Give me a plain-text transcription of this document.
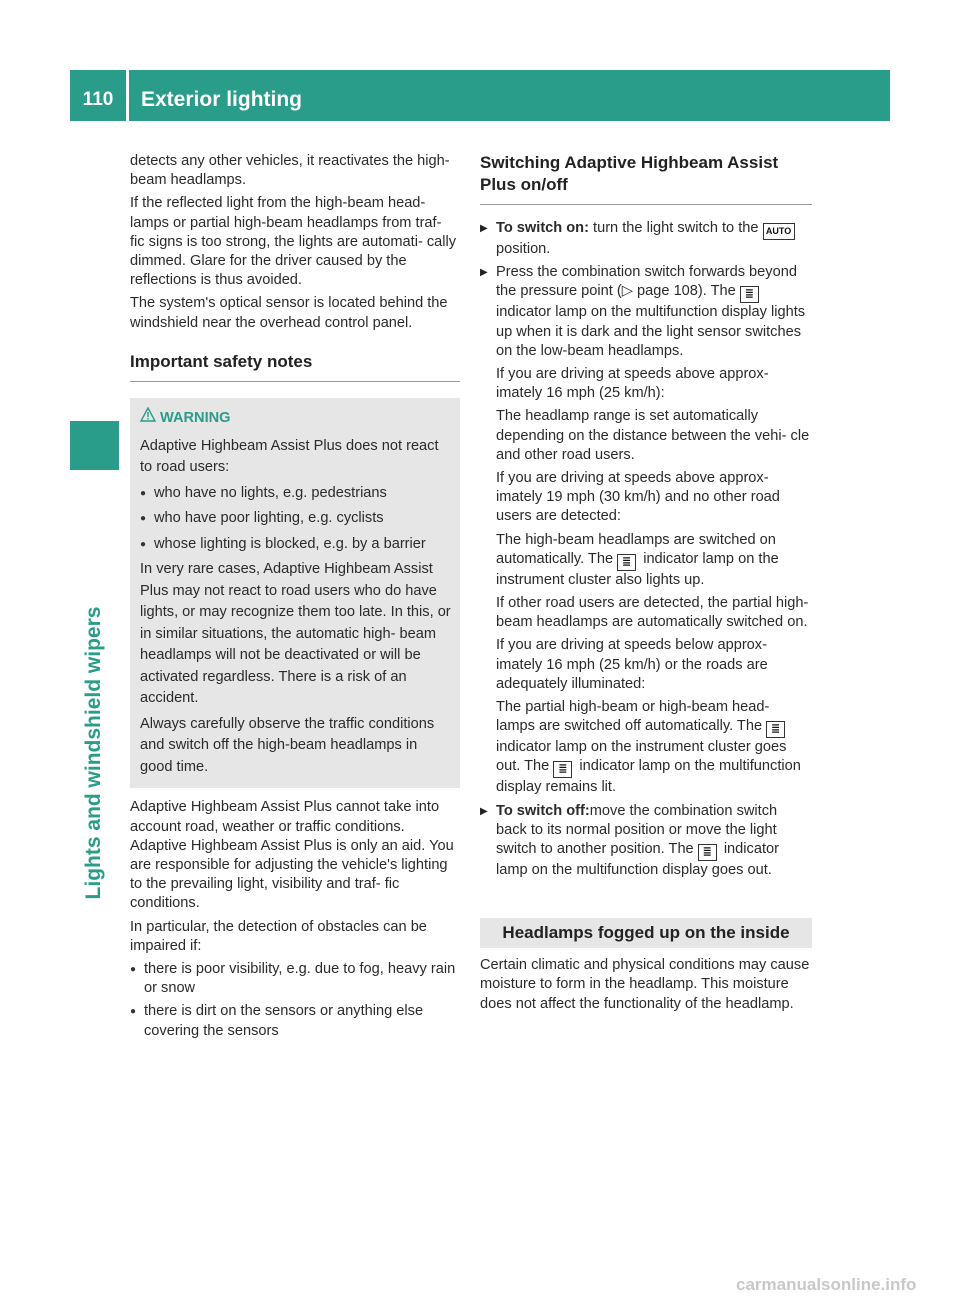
110	Exterior lighting
Lights and windshield wipers

detects any other vehicles, it reactivates the high-beam headlamps.

If the reflected light from the high-beam head- lamps or partial high-beam headlamps from traf- fic signs is too strong, the lights are automati- cally dimmed. Glare for the driver caused by the reflections is thus avoided.

The system's optical sensor is located behind the windshield near the overhead control panel.

Important safety notes
WARNING

Adaptive Highbeam Assist Plus does not react to road users:

● who have no lights, e.g. pedestrians

● who have poor lighting, e.g. cyclists

● whose lighting is blocked, e.g. by a barrier

In very rare cases, Adaptive Highbeam Assist Plus may not react to road users who do have lights, or may recognize them too late. In this, or in similar situations, the automatic high- beam headlamps will not be deactivated or will be activated regardless. There is a risk of an accident.

Always carefully observe the traffic conditions and switch off the high-beam headlamps in good time.

Adaptive Highbeam Assist Plus cannot take into account road, weather or traffic conditions. Adaptive Highbeam Assist Plus is only an aid. You are responsible for adjusting the vehicle's lighting to the prevailing light, visibility and traf- fic conditions.

In particular, the detection of obstacles can be impaired if:

● there is poor visibility, e.g. due to fog, heavy rain or snow

● there is dirt on the sensors or anything else covering the sensors

Switching Adaptive Highbeam Assist Plus on/off

▶ To switch on: turn the light switch to the AUTO position.

▶ Press the combination switch forwards beyond the pressure point (▷ page 108). The ≣ indicator lamp on the multifunction display lights up when it is dark and the light sensor switches on the low-beam headlamps.

If you are driving at speeds above approx- imately 16 mph (25 km/h):

The headlamp range is set automatically depending on the distance between the vehi- cle and other road users.

If you are driving at speeds above approx- imately 19 mph (30 km/h) and no other road users are detected:

The high-beam headlamps are switched on automatically. The ≣ indicator lamp on the instrument cluster also lights up.

If other road users are detected, the partial high-beam headlamps are automatically switched on.

If you are driving at speeds below approx- imately 16 mph (25 km/h) or the roads are adequately illuminated:

The partial high-beam or high-beam head- lamps are switched off automatically. The ≣ indicator lamp on the instrument cluster goes out. The ≣ indicator lamp on the multifunction display remains lit.

▶ To switch off:move the combination switch back to its normal position or move the light switch to another position. The ≣ indicator lamp on the multifunction display goes out.

Headlamps fogged up on the inside

Certain climatic and physical conditions may cause moisture to form in the headlamp. This moisture does not affect the functionality of the headlamp.

carmanualsonline.info
